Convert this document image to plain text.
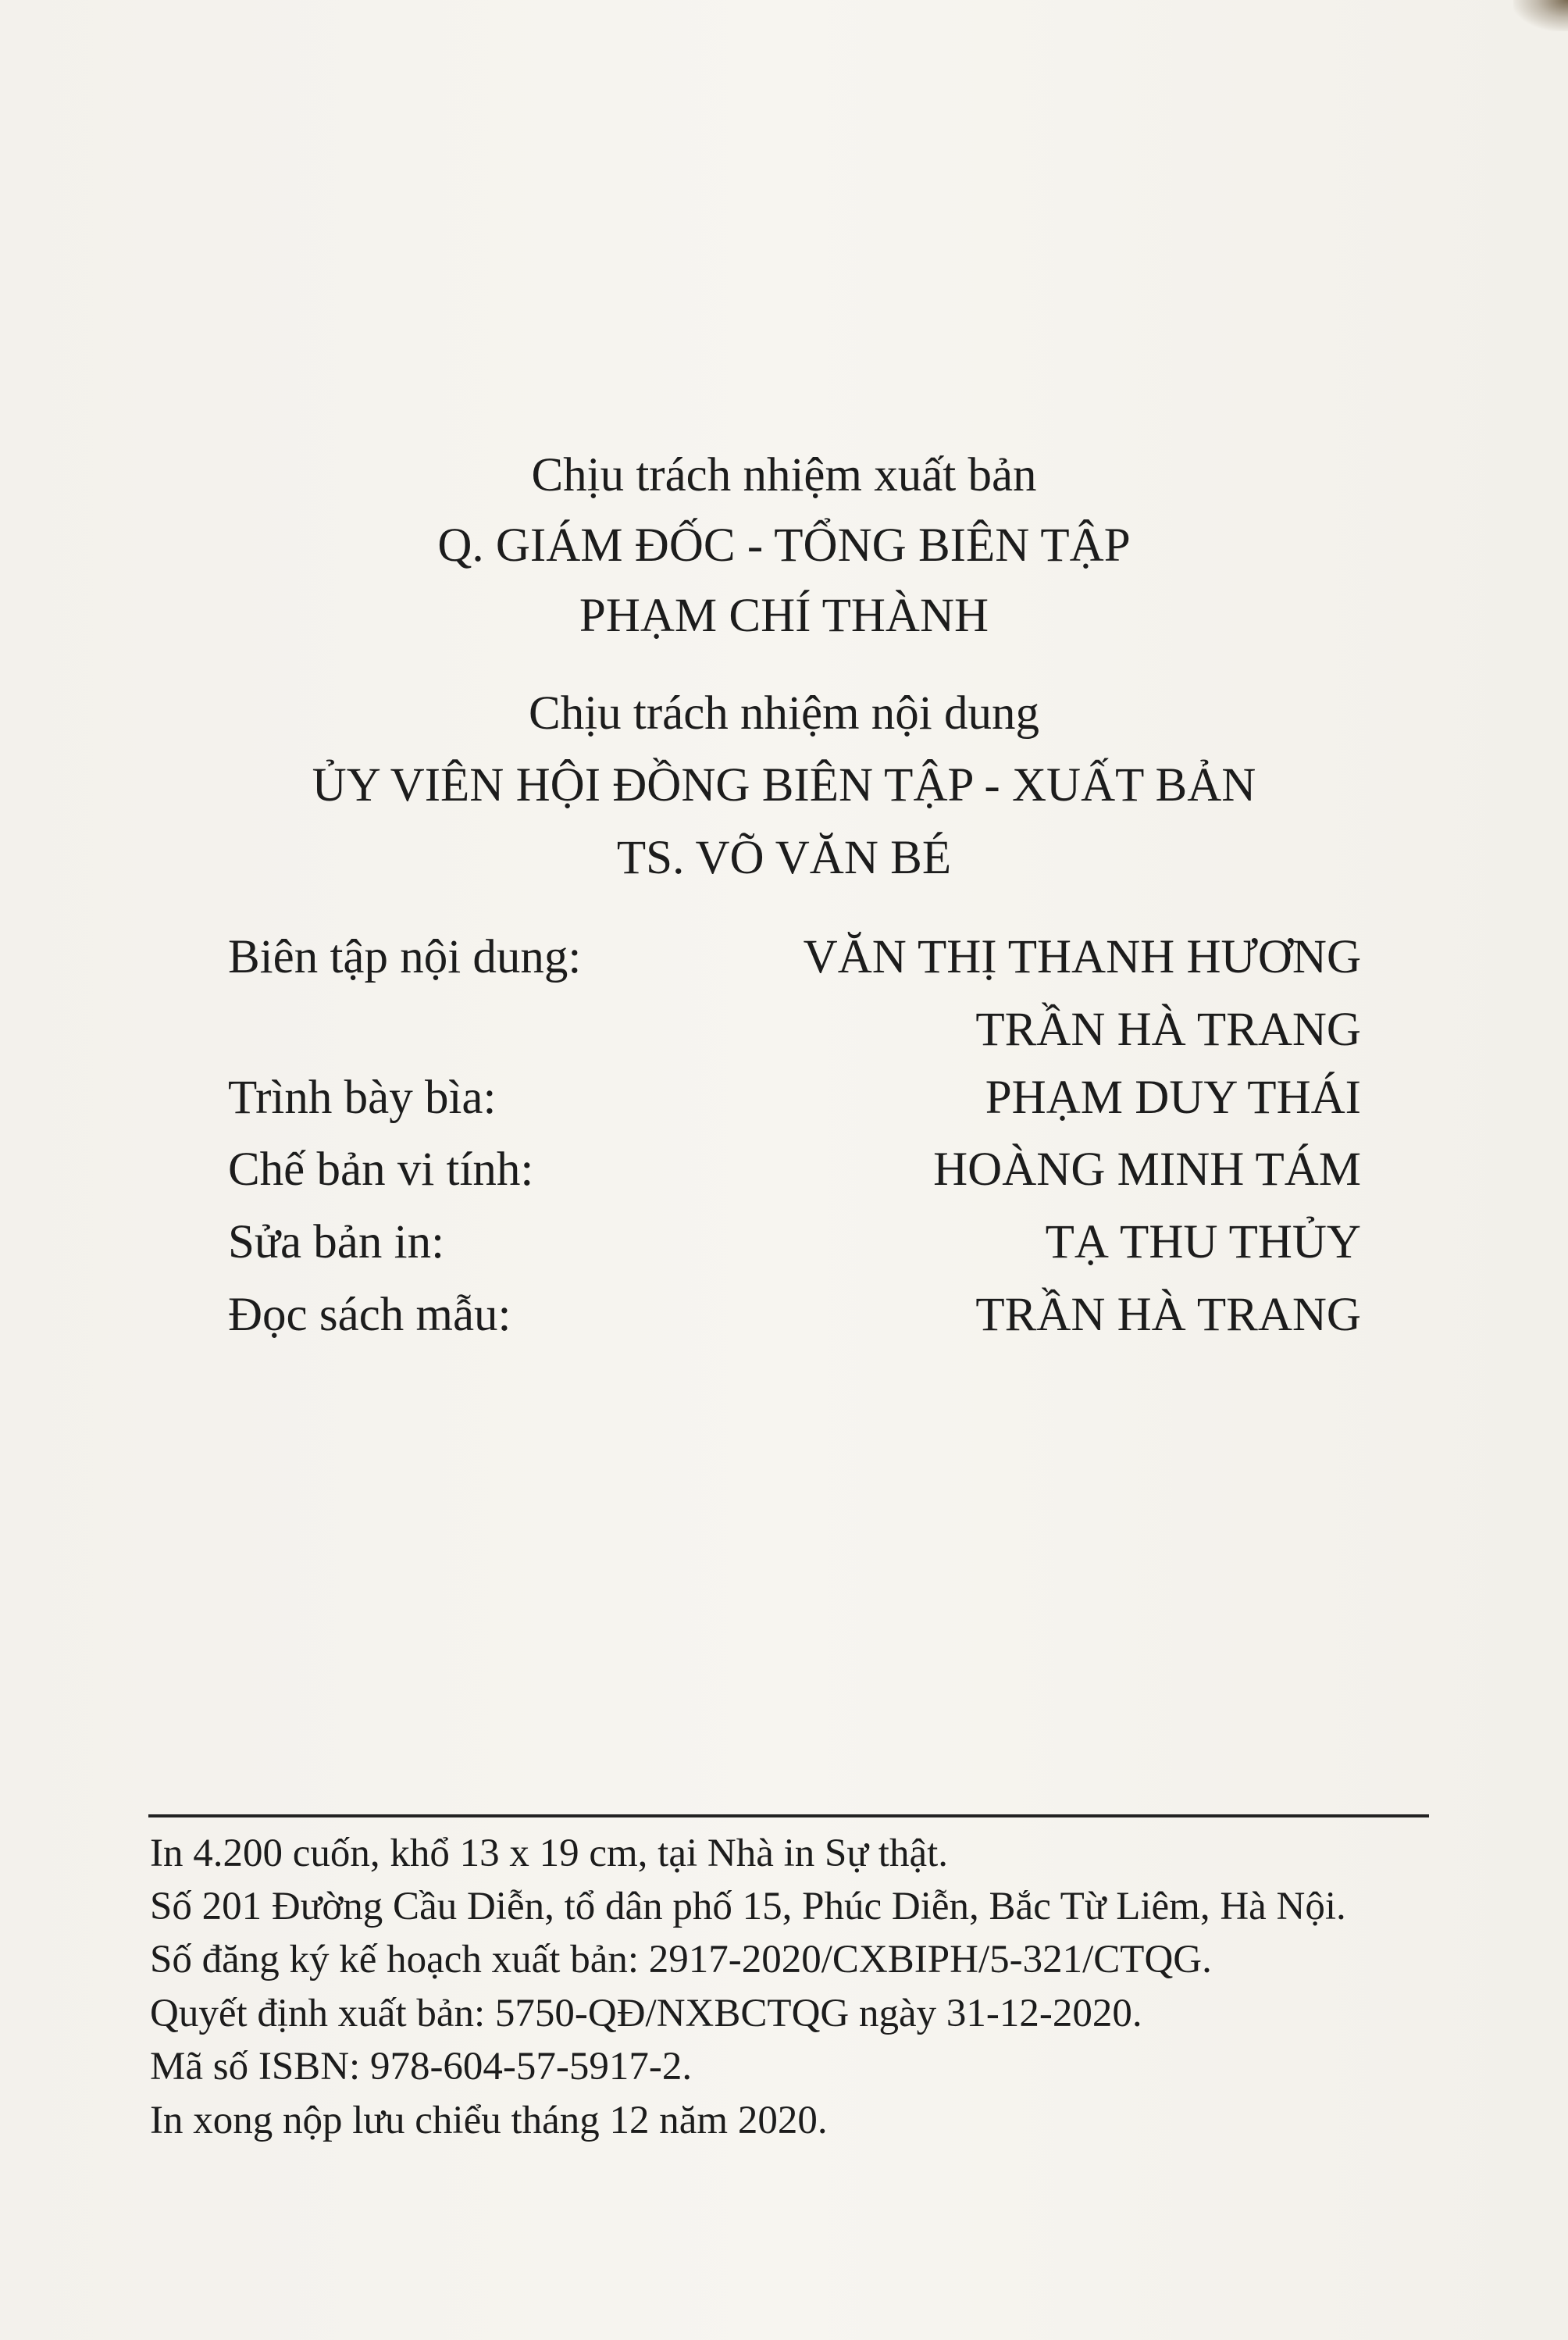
Chịu trách nhiệm xuất bản
Q. GIÁM ĐỐC - TỔNG BIÊN TẬP
PHẠM CHÍ THÀNH
Chịu trách nhiệm nội dung
ỦY VIÊN HỘI ĐỒNG BIÊN TẬP - XUẤT BẢN
TS. VÕ VĂN BÉ
Biên tập nội dung:	VĂN THỊ THANH HƯƠNG
TRẦN HÀ TRANG
Trình bày bìa:	PHẠM DUY THÁI
Chế bản vi tính:	HOÀNG MINH TÁM
Sửa bản in:	TẠ THU THỦY
Đọc sách mẫu:	TRẦN HÀ TRANG
In 4.200 cuốn, khổ 13 x 19 cm, tại Nhà in Sự thật.
Số 201 Đường Cầu Diễn, tổ dân phố 15, Phúc Diễn, Bắc Từ Liêm, Hà Nội.
Số đăng ký kế hoạch xuất bản: 2917-2020/CXBIPH/5-321/CTQG.
Quyết định xuất bản: 5750-QĐ/NXBCTQG ngày 31-12-2020.
Mã số ISBN: 978-604-57-5917-2.
In xong nộp lưu chiểu tháng 12 năm 2020.
